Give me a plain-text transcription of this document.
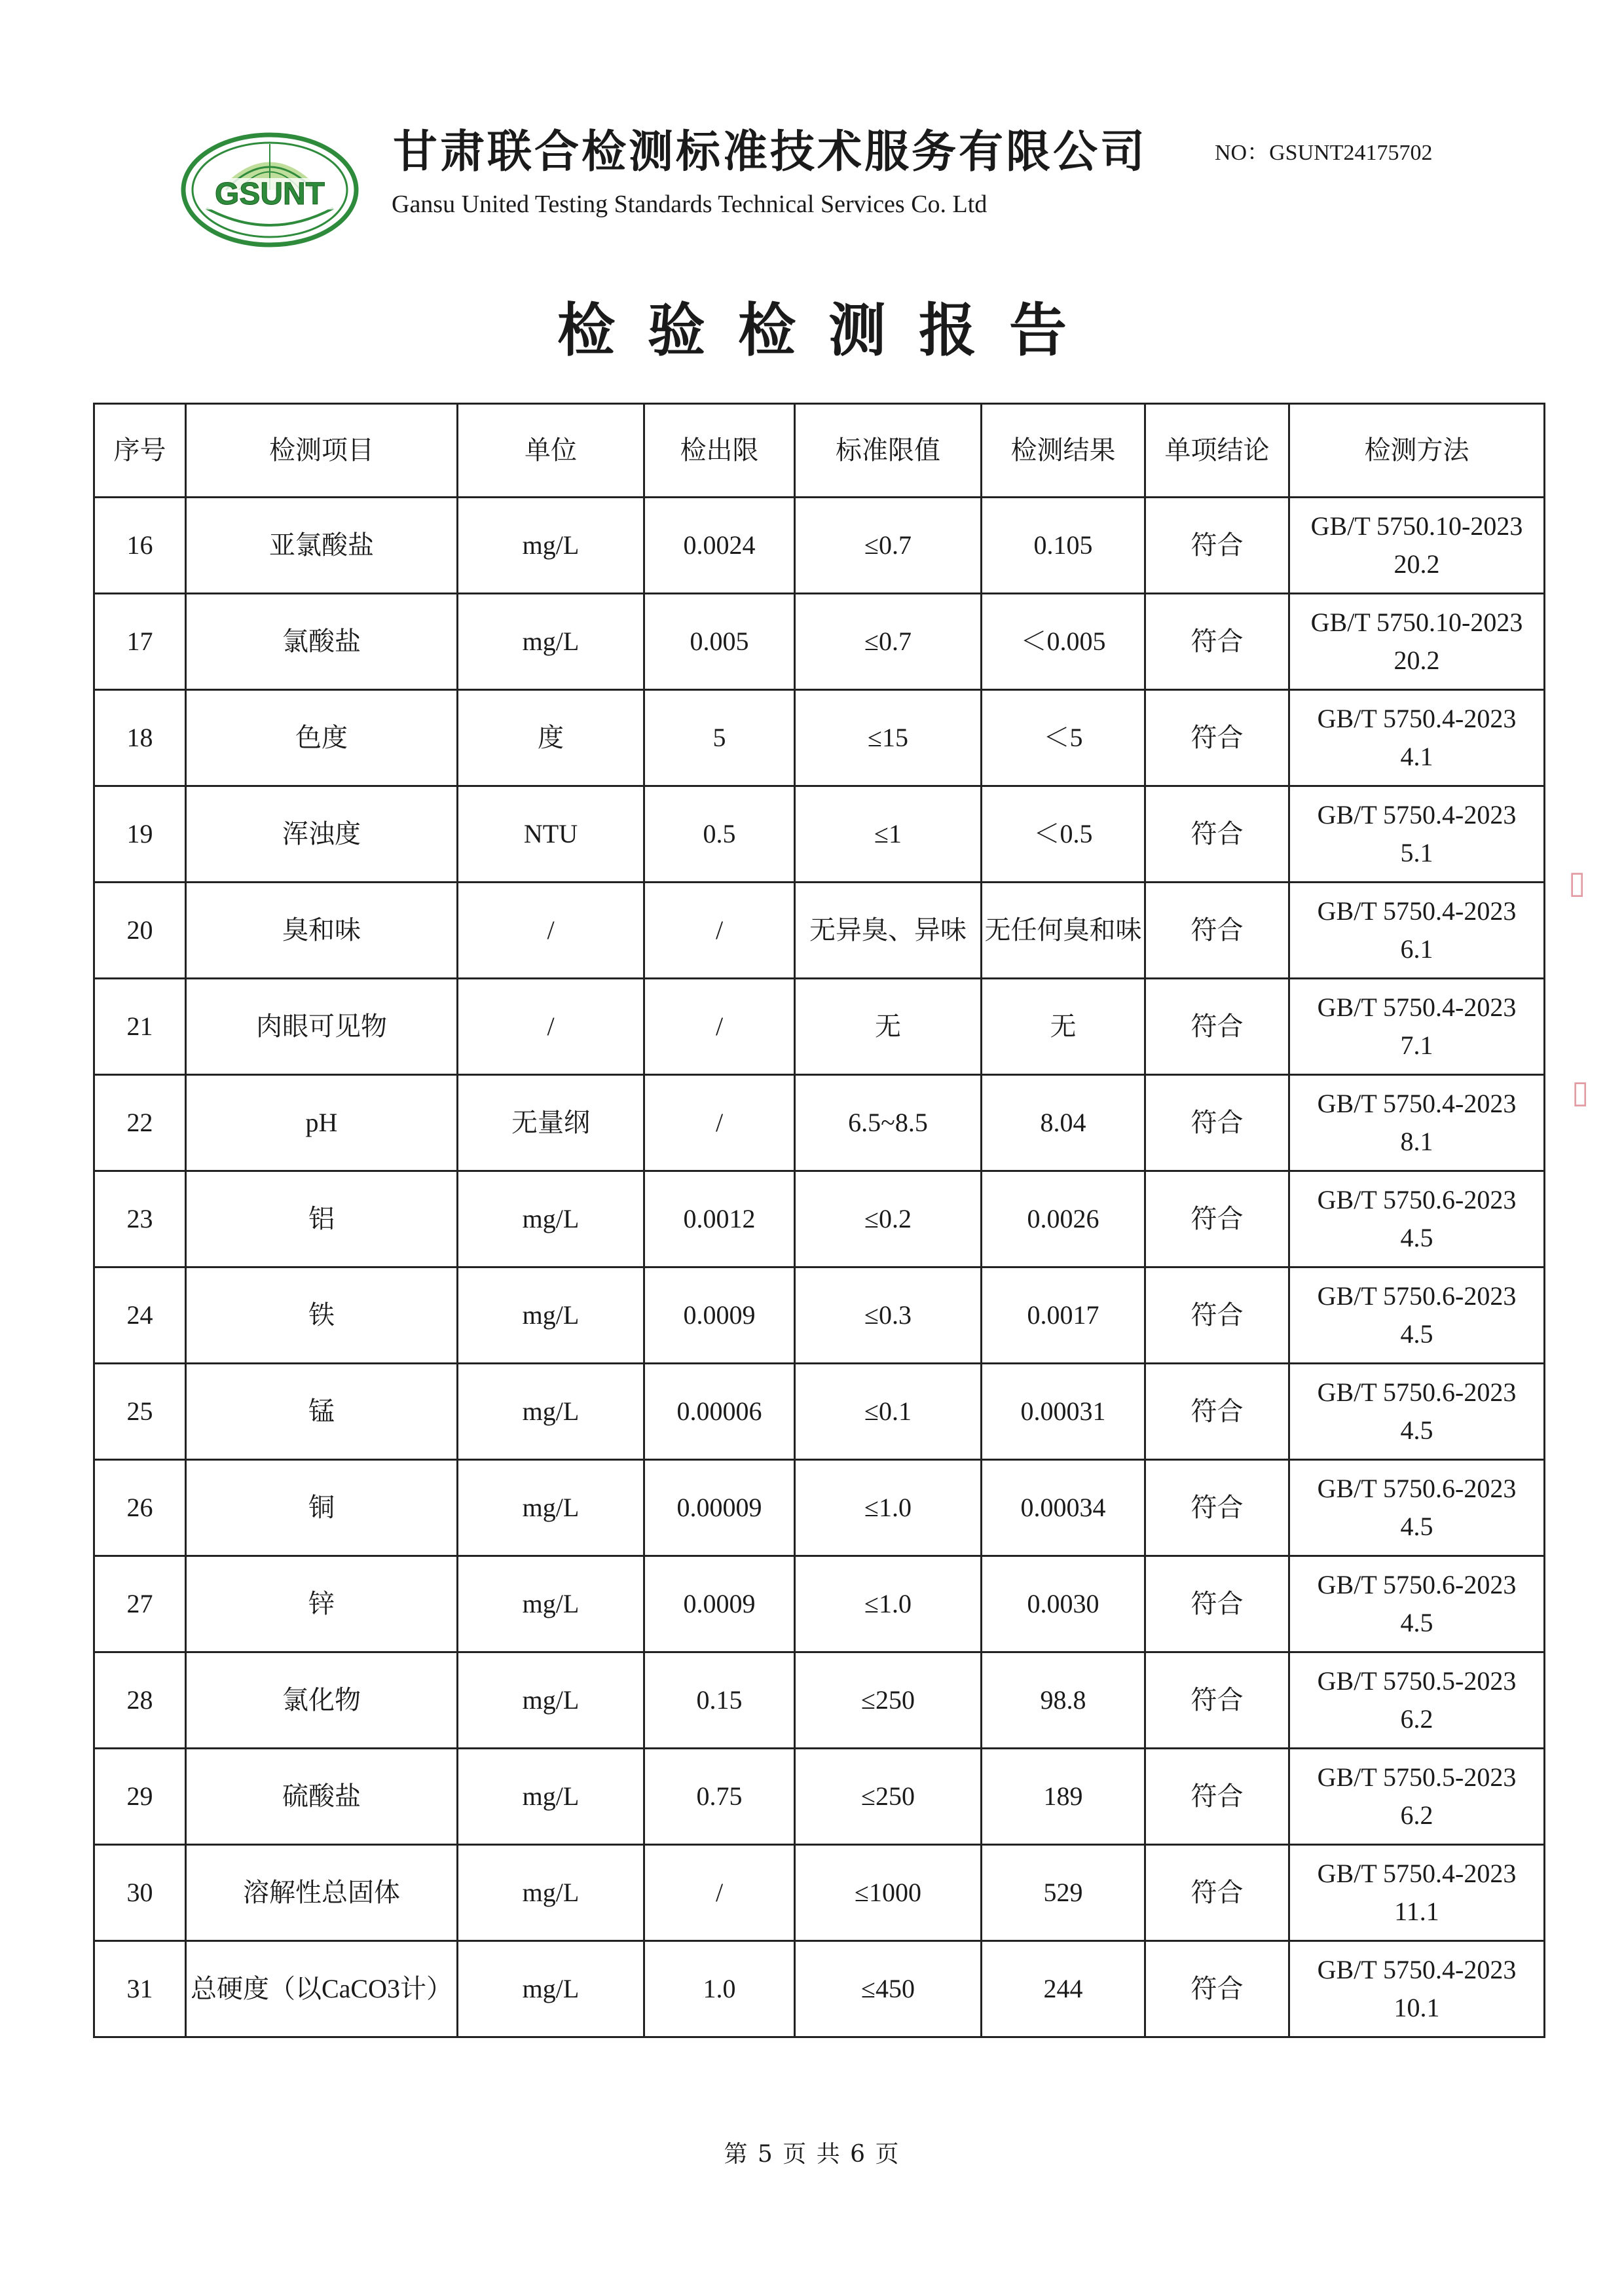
GSUNT
甘肃联合检测标准技术服务有限公司
Gansu United Testing Standards Technical Services Co. Ltd
NO：GSUNT24175702
检验检测报告
序号	检测项目	单位	检出限	标准限值	检测结果	单项结论	检测方法
16	亚氯酸盐	mg/L	0.0024	≤0.7	0.105	符合	GB/T 5750.10-2023
20.2

17	氯酸盐	mg/L	0.005	≤0.7	＜0.005	符合	GB/T 5750.10-2023
20.2

18	色度	度	5	≤15	＜5	符合	GB/T 5750.4-2023
4.1

19	浑浊度	NTU	0.5	≤1	＜0.5	符合	GB/T 5750.4-2023
5.1

20	臭和味	/	/	无异臭、异味	无任何臭和味	符合	GB/T 5750.4-2023
6.1

21	肉眼可见物	/	/	无	无	符合	GB/T 5750.4-2023
7.1

22	pH	无量纲	/	6.5~8.5	8.04	符合	GB/T 5750.4-2023
8.1

23	铝	mg/L	0.0012	≤0.2	0.0026	符合	GB/T 5750.6-2023
4.5

24	铁	mg/L	0.0009	≤0.3	0.0017	符合	GB/T 5750.6-2023
4.5

25	锰	mg/L	0.00006	≤0.1	0.00031	符合	GB/T 5750.6-2023
4.5

26	铜	mg/L	0.00009	≤1.0	0.00034	符合	GB/T 5750.6-2023
4.5

27	锌	mg/L	0.0009	≤1.0	0.0030	符合	GB/T 5750.6-2023
4.5

28	氯化物	mg/L	0.15	≤250	98.8	符合	GB/T 5750.5-2023
6.2

29	硫酸盐	mg/L	0.75	≤250	189	符合	GB/T 5750.5-2023
6.2

30	溶解性总固体	mg/L	/	≤1000	529	符合	GB/T 5750.4-2023
11.1

31	总硬度（以CaCO3计）	mg/L	1.0	≤450	244	符合	GB/T 5750.4-2023
10.1
第 5 页 共 6 页
▯
▯
